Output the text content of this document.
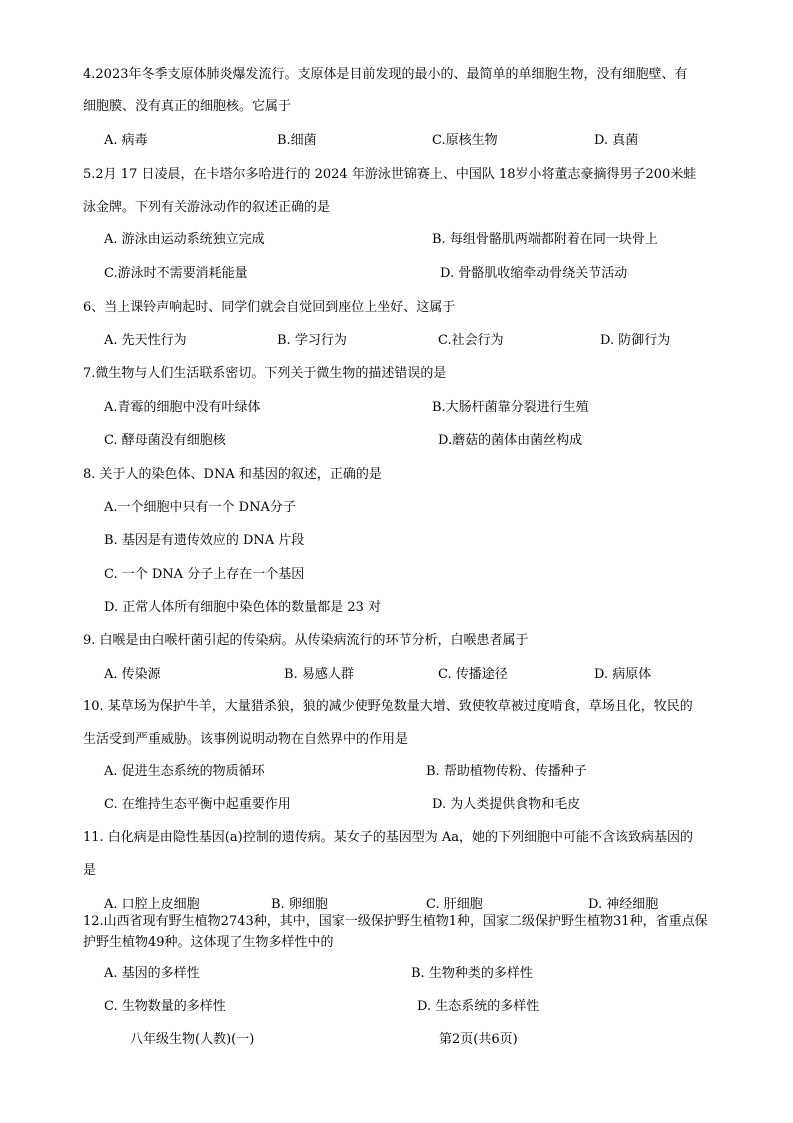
4.2023年冬季支原体肺炎爆发流行。支原体是目前发现的最小的、最简单的单细胞生物，没有细胞壁、有
细胞膜、没有真正的细胞核。它属于
A. 病毒	B.细菌	C.原核生物	D. 真菌
5.2月 17 日凌晨，在卡塔尔多哈进行的 2024 年游泳世锦赛上、中国队 18岁小将董志豪摘得男子200米蛙
泳金牌。下列有关游泳动作的叙述正确的是
A. 游泳由运动系统独立完成	B. 每组骨骼肌两端都附着在同一块骨上
C.游泳时不需要消耗能量	D. 骨骼肌收缩牵动骨绕关节活动
6、当上课铃声响起时、同学们就会自觉回到座位上坐好、这属于
A. 先天性行为	B. 学习行为	C.社会行为	D. 防御行为
7.微生物与人们生活联系密切。下列关于微生物的描述错误的是
A.青霉的细胞中没有叶绿体	B.大肠杆菌靠分裂进行生殖
C. 酵母菌没有细胞核	D.蘑菇的菌体由菌丝构成
8. 关于人的染色体、DNA 和基因的叙述，正确的是
A.一个细胞中只有一个 DNA分子
B. 基因是有遗传效应的 DNA 片段
C. 一个 DNA 分子上存在一个基因
D. 正常人体所有细胞中染色体的数量都是 23 对
9. 白喉是由白喉杆菌引起的传染病。从传染病流行的环节分析，白喉患者属于
A. 传染源	B. 易感人群	C. 传播途径	D. 病原体
10. 某草场为保护牛羊，大量猎杀狼，狼的减少使野兔数量大增、致使牧草被过度啃食，草场且化，牧民的
生活受到严重威胁。该事例说明动物在自然界中的作用是
A. 促进生态系统的物质循环	B. 帮助植物传粉、传播种子
C. 在维持生态平衡中起重要作用	D. 为人类提供食物和毛皮
11. 白化病是由隐性基因(a)控制的遗传病。某女子的基因型为 Aa，她的下列细胞中可能不含该致病基因的
是
A. 口腔上皮细胞	B. 卵细胞	C. 肝细胞	D. 神经细胞
12.山西省现有野生植物2743种，其中，国家一级保护野生植物1种，国家二级保护野生植物31种，省重点保
护野生植物49种。这体现了生物多样性中的
A. 基因的多样性	B. 生物种类的多样性
C. 生物数量的多样性	D. 生态系统的多样性
八年级生物(人教)(一)	第2页(共6页)
